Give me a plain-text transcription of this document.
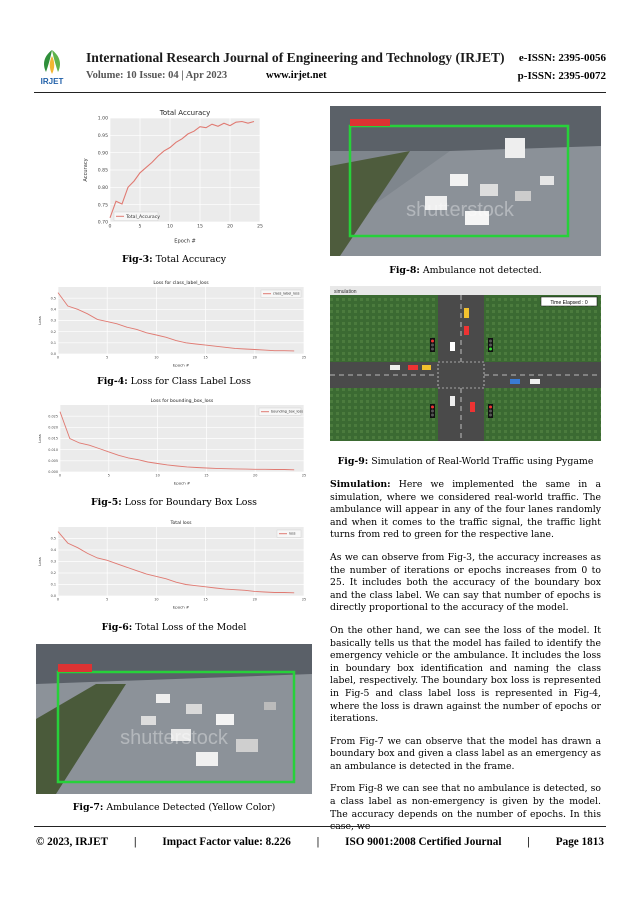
IRJET
International Research Journal of Engineering and Technology (IRJET) e-ISSN: 2395-0056
Volume: 10 Issue: 04 | Apr 2023	www.irjet.net	p-ISSN: 2395-0072
0	5	10	15	20	25
0.70
0.75
0.80
0.85
0.90
0.95
1.00
Total Accuracy
Epoch #
Accuracy
Total_Accuracy
Fig-3: Total Accuracy
0	5	10	15	20	25
0.0
0.1
0.2
0.3
0.4
0.5
Loss for class_label_loss
Epoch #
Loss
class_label_loss
Fig-4: Loss for Class Label Loss
0	5	10	15	20	25
0.000
0.005
0.010
0.015
0.020
0.025
Loss for bounding_box_loss
Epoch #
Loss
bounding_box_loss
Fig-5: Loss for Boundary Box Loss
0	5	10	15	20	25
0.0
0.1
0.2
0.3
0.4
0.5
Total loss
Epoch #
Loss
loss
Fig-6: Total Loss of the Model
shutterstock
Fig-7: Ambulance Detected (Yellow Color)
shutterstock
Fig-8: Ambulance not detected.
simulation
Time Elapsed : 0
Fig-9: Simulation of Real-World Traffic using Pygame

Simulation: Here we implemented the same in a simulation, where we considered real-world traffic. The ambulance will appear in any of the four lanes randomly and when it comes to the traffic signal, the traffic light turns from red to green for the respective lane.

As we can observe from Fig-3, the accuracy increases as the number of iterations or epochs increases from 0 to 25. It includes both the accuracy of the boundary box and the class label. We can say that number of epochs is directly proportional to the accuracy of the model.

On the other hand, we can see the loss of the model. It basically tells us that the model has failed to identify the emergency vehicle or the ambulance. It includes the loss in boundary box identification and naming the class label, respectively. The boundary box loss is represented in Fig-5 and class label loss is represented in Fig-4, where the loss is drawn against the number of epochs or iterations.

From Fig-7 we can observe that the model has drawn a boundary box and given a class label as an emergency as an ambulance is detected in the frame.

From Fig-8 we can see that no ambulance is detected, so a class label as non-emergency is given by the model. The accuracy depends on the number of epochs. In this case, we

© 2023, IRJET | Impact Factor value: 8.226 | ISO 9001:2008 Certified Journal | Page 1813
